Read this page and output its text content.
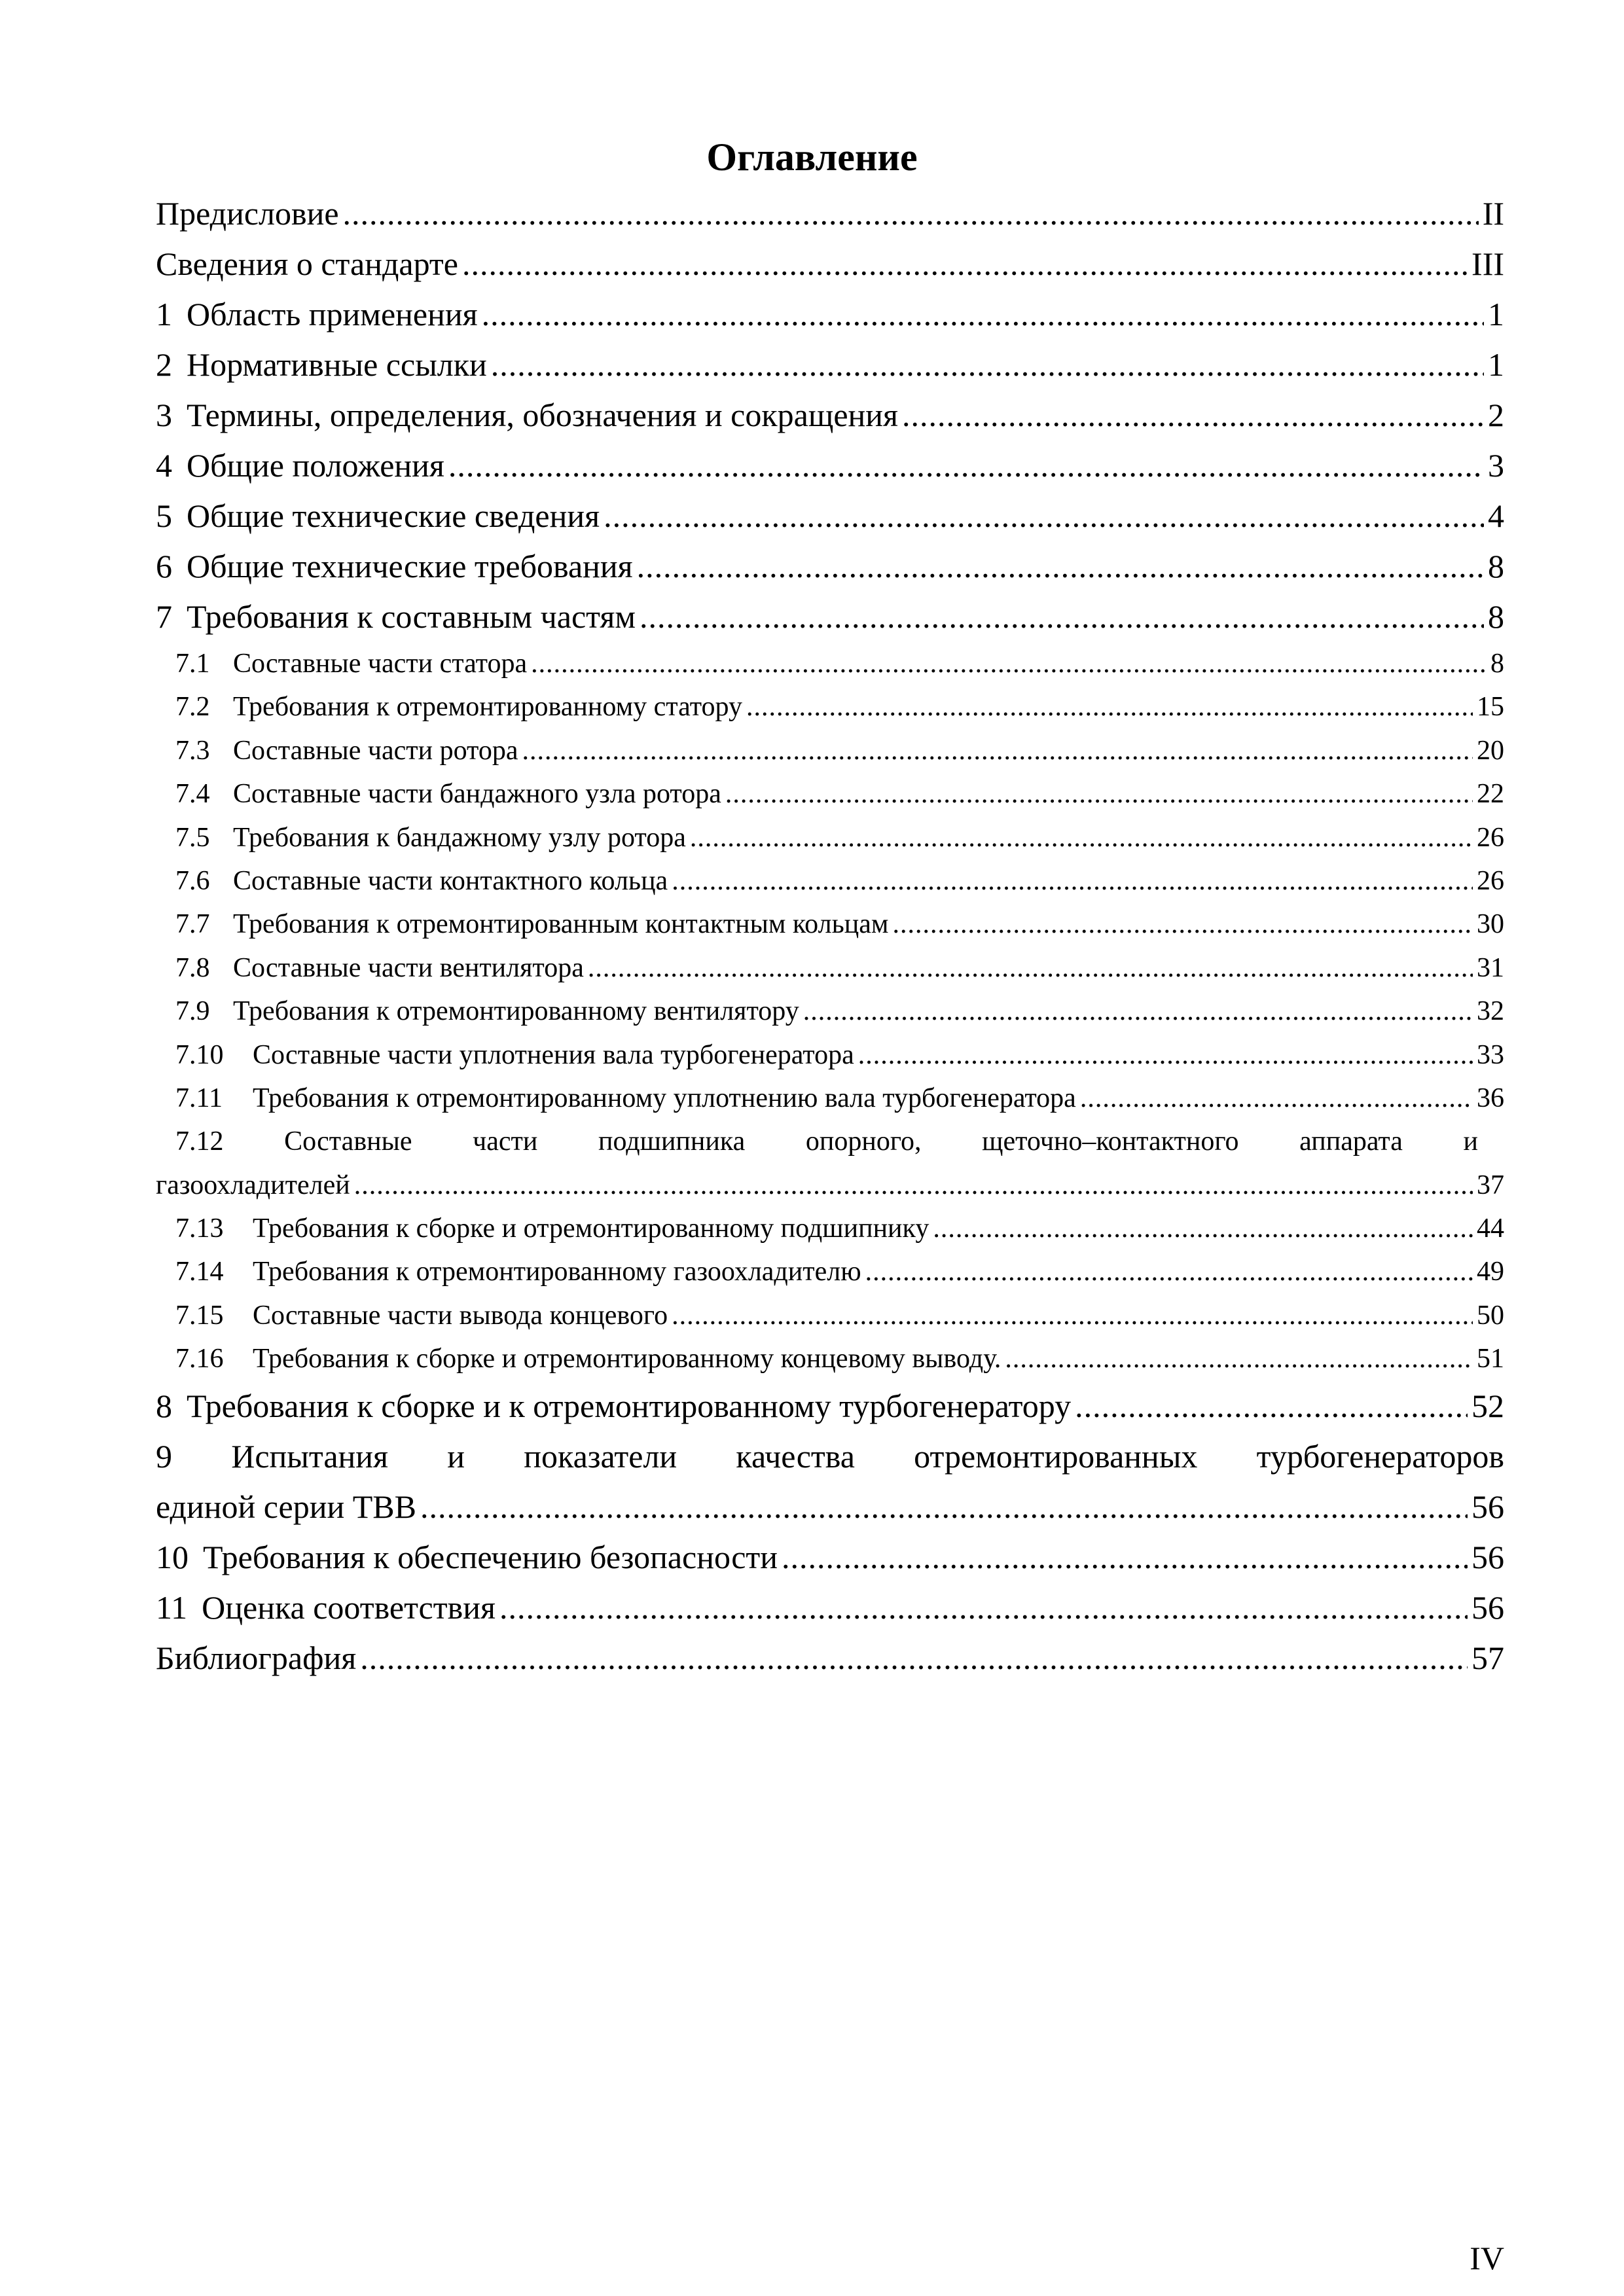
Оглавление
Предисловие .....	II
Сведения о стандарте .....	III
1 Область применения .....	1
2 Нормативные ссылки .....	1
3 Термины, определения, обозначения и сокращения .....	2
4 Общие положения .....	3
5 Общие технические сведения .....	4
6 Общие технические требования .....	8
7 Требования к составным частям .....	8
7.1 Составные части статора .....	8
7.2 Требования к отремонтированному статору .....	15
7.3 Составные части ротора .....	20
7.4 Составные части бандажного узла ротора .....	22
7.5 Требования к бандажному узлу ротора .....	26
7.6 Составные части контактного кольца .....	26
7.7 Требования к отремонтированным контактным кольцам .....	30
7.8 Составные части вентилятора .....	31
7.9 Требования к отремонтированному вентилятору .....	32
7.10	Составные части уплотнения вала турбогенератора .....	33
7.11	Требования к отремонтированному уплотнению вала турбогенератора .....	36
7.12 Составные части подшипника опорного, щеточно–контактного аппарата и
газоохладителей .....	37
7.13	Требования к сборке и отремонтированному подшипнику .....	44
7.14	Требования к отремонтированному газоохладителю .....	49
7.15	Составные части вывода концевого .....	50
7.16	Требования к сборке и отремонтированному концевому выводу. .....	51
8 Требования к сборке и к отремонтированному турбогенератору .....	52
9 Испытания и показатели качества отремонтированных турбогенераторов
единой серии ТВВ .....	56
10 Требования к обеспечению безопасности .....	56
11 Оценка соответствия .....	56
Библиография .....	57
IV
